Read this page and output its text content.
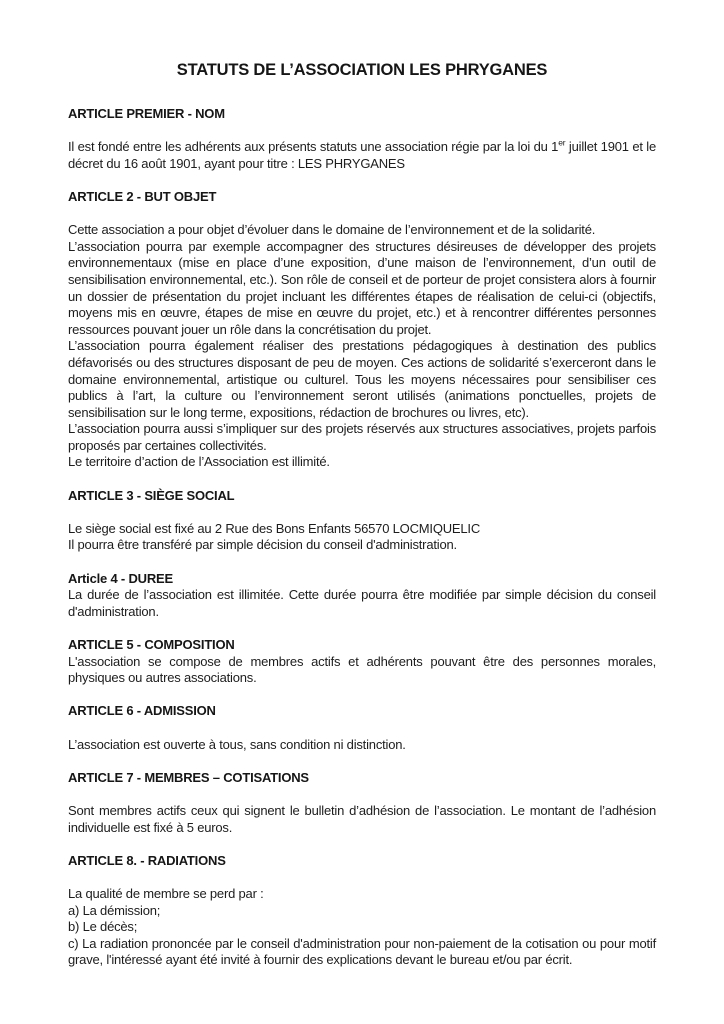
STATUTS DE L’ASSOCIATION LES PHRYGANES
ARTICLE PREMIER - NOM

Il est fondé entre les adhérents aux présents statuts une association régie par la loi du 1er juillet 1901 et le décret du 16 août 1901, ayant pour titre : LES PHRYGANES

ARTICLE 2 - BUT OBJET

Cette association a pour objet d’évoluer dans le domaine de l’environnement et de la solidarité.

L’association pourra par exemple accompagner des structures désireuses de développer des projets environnementaux (mise en place d’une exposition, d’une maison de l’environnement, d’un outil de sensibilisation environnemental, etc.). Son rôle de conseil et de porteur de projet consistera alors à fournir un dossier de présentation du projet incluant les différentes étapes de réalisation de celui-ci (objectifs, moyens mis en œuvre, étapes de mise en œuvre du projet, etc.) et à rencontrer différentes personnes ressources pouvant jouer un rôle dans la concrétisation du projet.

L’association pourra également réaliser des prestations pédagogiques à destination des publics défavorisés ou des structures disposant de peu de moyen. Ces actions de solidarité s’exerceront dans le domaine environnemental, artistique ou culturel. Tous les moyens nécessaires pour sensibiliser ces publics à l’art, la culture ou l’environnement seront utilisés (animations ponctuelles, projets de sensibilisation sur le long terme, expositions, rédaction de brochures ou livres, etc).

L’association pourra aussi s’impliquer sur des projets réservés aux structures associatives, projets parfois proposés par certaines collectivités.

Le territoire d’action de l’Association est illimité.

ARTICLE 3 - SIÈGE SOCIAL

Le siège social est fixé au 2 Rue des Bons Enfants 56570 LOCMIQUELIC

Il pourra être transféré par simple décision du conseil d'administration.

Article 4 - DUREE

La durée de l’association est illimitée. Cette durée pourra être modifiée par simple décision du conseil d'administration.

ARTICLE 5 - COMPOSITION

L'association se compose de membres actifs et adhérents pouvant être des personnes morales, physiques ou autres associations.

ARTICLE 6 - ADMISSION

L’association est ouverte à tous, sans condition ni distinction.

ARTICLE 7 - MEMBRES – COTISATIONS

Sont membres actifs ceux qui signent le bulletin d’adhésion de l’association. Le montant de l’adhésion individuelle est fixé à 5 euros.

ARTICLE 8. - RADIATIONS

La qualité de membre se perd par :

a) La démission;

b) Le décès;

c) La radiation prononcée par le conseil d'administration pour non-paiement de la cotisation ou pour motif grave, l'intéressé ayant été invité à fournir des explications devant le bureau et/ou par écrit.
